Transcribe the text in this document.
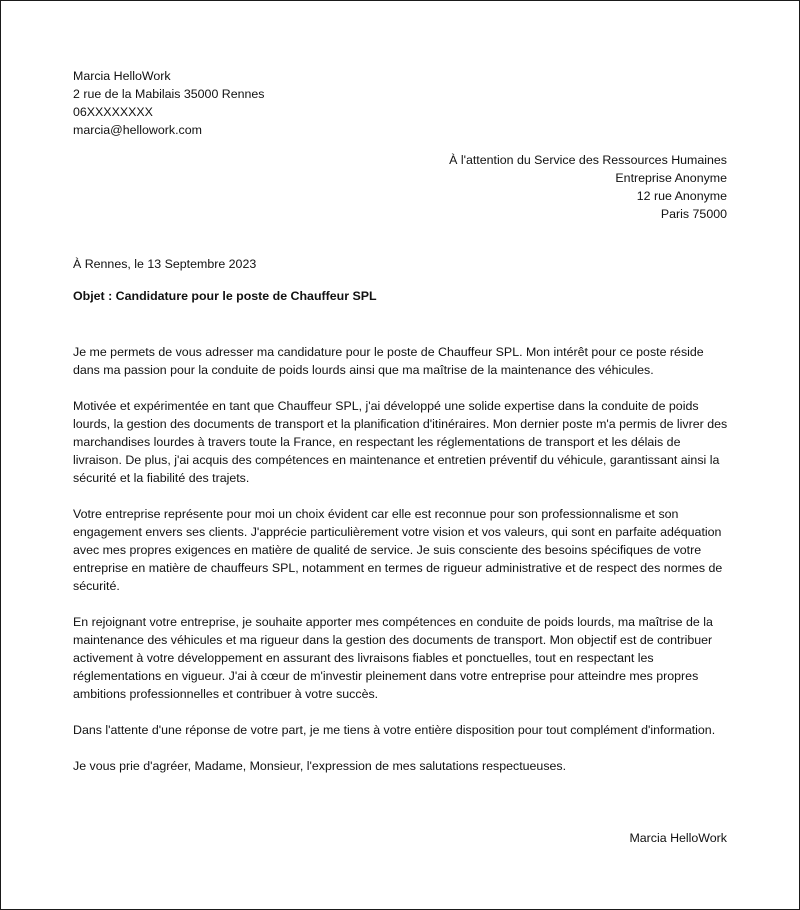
Marcia HelloWork
2 rue de la Mabilais 35000 Rennes
06XXXXXXXX
marcia@hellowork.com
À l'attention du Service des Ressources Humaines
Entreprise Anonyme
12 rue Anonyme
Paris 75000
À Rennes, le 13 Septembre 2023
Objet : Candidature pour le poste de Chauffeur SPL

Je me permets de vous adresser ma candidature pour le poste de Chauffeur SPL. Mon intérêt pour ce poste réside dans ma passion pour la conduite de poids lourds ainsi que ma maîtrise de la maintenance des véhicules.

Motivée et expérimentée en tant que Chauffeur SPL, j'ai développé une solide expertise dans la conduite de poids lourds, la gestion des documents de transport et la planification d'itinéraires. Mon dernier poste m'a permis de livrer des marchandises lourdes à travers toute la France, en respectant les réglementations de transport et les délais de livraison. De plus, j'ai acquis des compétences en maintenance et entretien préventif du véhicule, garantissant ainsi la sécurité et la fiabilité des trajets.

Votre entreprise représente pour moi un choix évident car elle est reconnue pour son professionnalisme et son engagement envers ses clients. J'apprécie particulièrement votre vision et vos valeurs, qui sont en parfaite adéquation avec mes propres exigences en matière de qualité de service. Je suis consciente des besoins spécifiques de votre entreprise en matière de chauffeurs SPL, notamment en termes de rigueur administrative et de respect des normes de sécurité.

En rejoignant votre entreprise, je souhaite apporter mes compétences en conduite de poids lourds, ma maîtrise de la maintenance des véhicules et ma rigueur dans la gestion des documents de transport. Mon objectif est de contribuer activement à votre développement en assurant des livraisons fiables et ponctuelles, tout en respectant les réglementations en vigueur. J'ai à cœur de m'investir pleinement dans votre entreprise pour atteindre mes propres ambitions professionnelles et contribuer à votre succès.

Dans l'attente d'une réponse de votre part, je me tiens à votre entière disposition pour tout complément d'information.

Je vous prie d'agréer, Madame, Monsieur, l'expression de mes salutations respectueuses.

Marcia HelloWork
